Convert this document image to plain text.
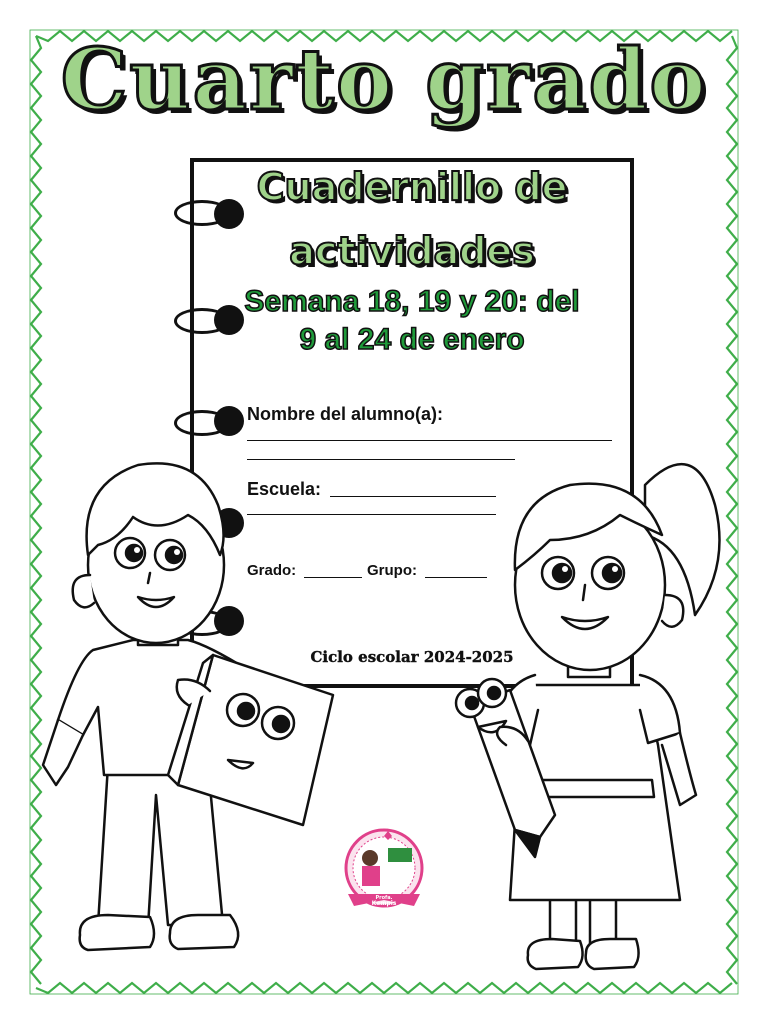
Cuarto grado
Cuadernillo de
actividades
Semana 18, 19 y 20: del
9 al 24 de enero
Nombre del alumno(a):
Escuela:
Grado:	Grupo:
Ciclo escolar 2024-2025
Profa.
Kempis
